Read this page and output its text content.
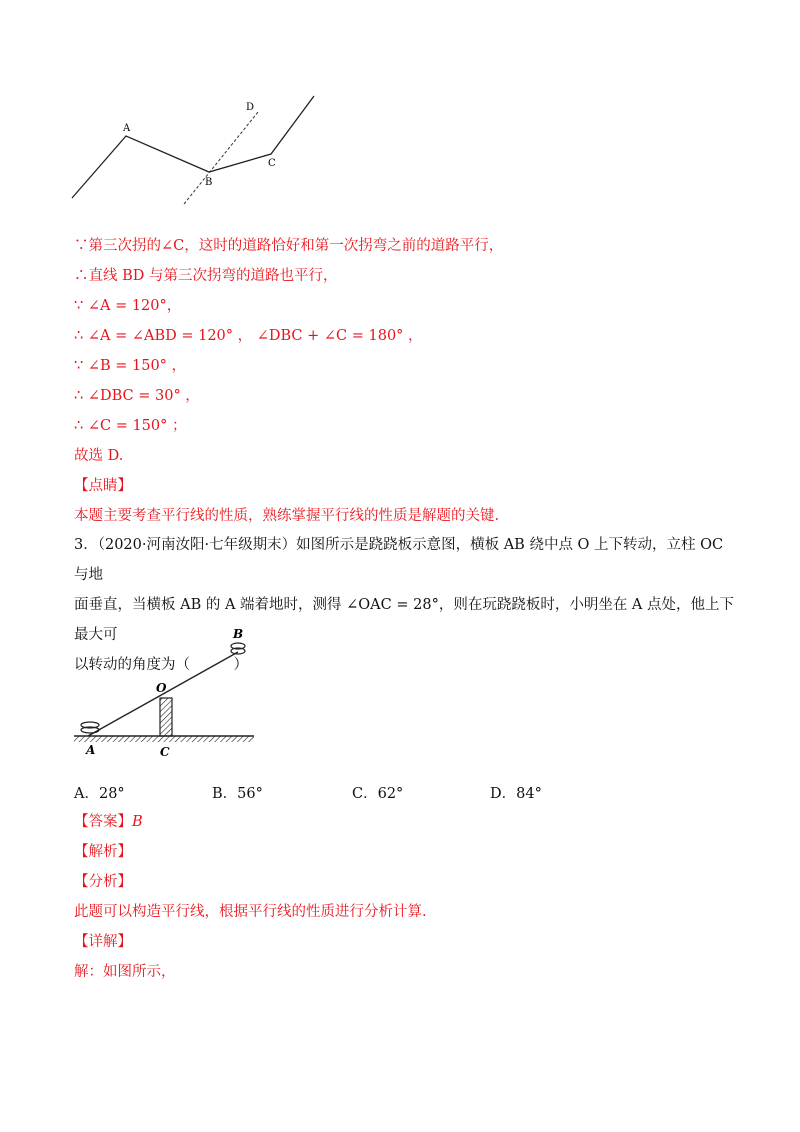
A
B
C
D
∵第三次拐的∠C，这时的道路恰好和第一次拐弯之前的道路平行，
∴直线 BD 与第三次拐弯的道路也平行，
∵ ∠A = 120°，
∴ ∠A = ∠ABD = 120° ， ∠DBC + ∠C = 180° ，
∵ ∠B = 150° ，
∴ ∠DBC = 30° ，
∴ ∠C = 150° ；
故选 D.
【点睛】
本题主要考查平行线的性质，熟练掌握平行线的性质是解题的关键.
3．（2020·河南汝阳·七年级期末）如图所示是跷跷板示意图，横板 AB 绕中点 O 上下转动，立柱 OC 与地
面垂直，当横板 AB 的 A 端着地时，测得 ∠OAC = 28°，则在玩跷跷板时，小明坐在 A 点处，他上下最大可
以转动的角度为（　　　）
A	C
O
B
A．28°	B．56°	C．62°	D．84°
【答案】B
【解析】
【分析】
此题可以构造平行线，根据平行线的性质进行分析计算.
【详解】
解：如图所示，
